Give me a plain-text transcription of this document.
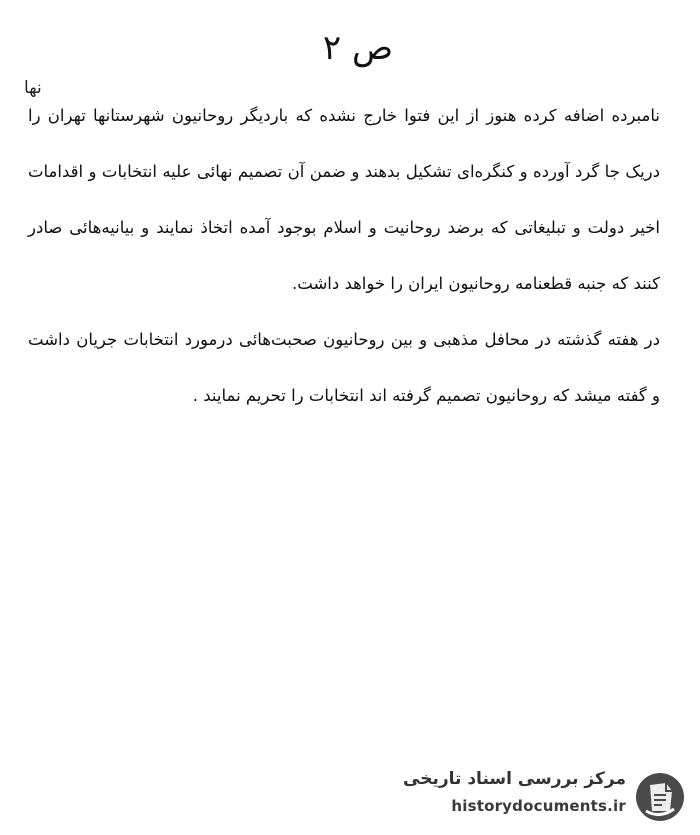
ص ۲
نها

نامبرده اضافه کرده هنوز از این فتوا خارج نشده که باردیگر روحانیون شهرستانها تهران را دریک جا گرد آورده و کنگره‌ای تشکیل بدهند و ضمن آن تصمیم نهائی علیه انتخابات و اقدامات اخیر دولت و تبلیغاتی که برضد روحانیت و اسلام بوجود آمده اتخاذ نمایند و بیانیه‌هائی صادر کنند که جنبه قطعنامه روحانیون ایران را خواهد داشت.

در هفته گذشته در محافل مذهبی و بین روحانیون صحبت‌هائی درمورد انتخابات جریان داشت و گفته میشد که روحانیون تصمیم گرفته اند انتخابات را تحریم نمایند .

مرکز بررسی اسناد تاریخی
historydocuments.ir
